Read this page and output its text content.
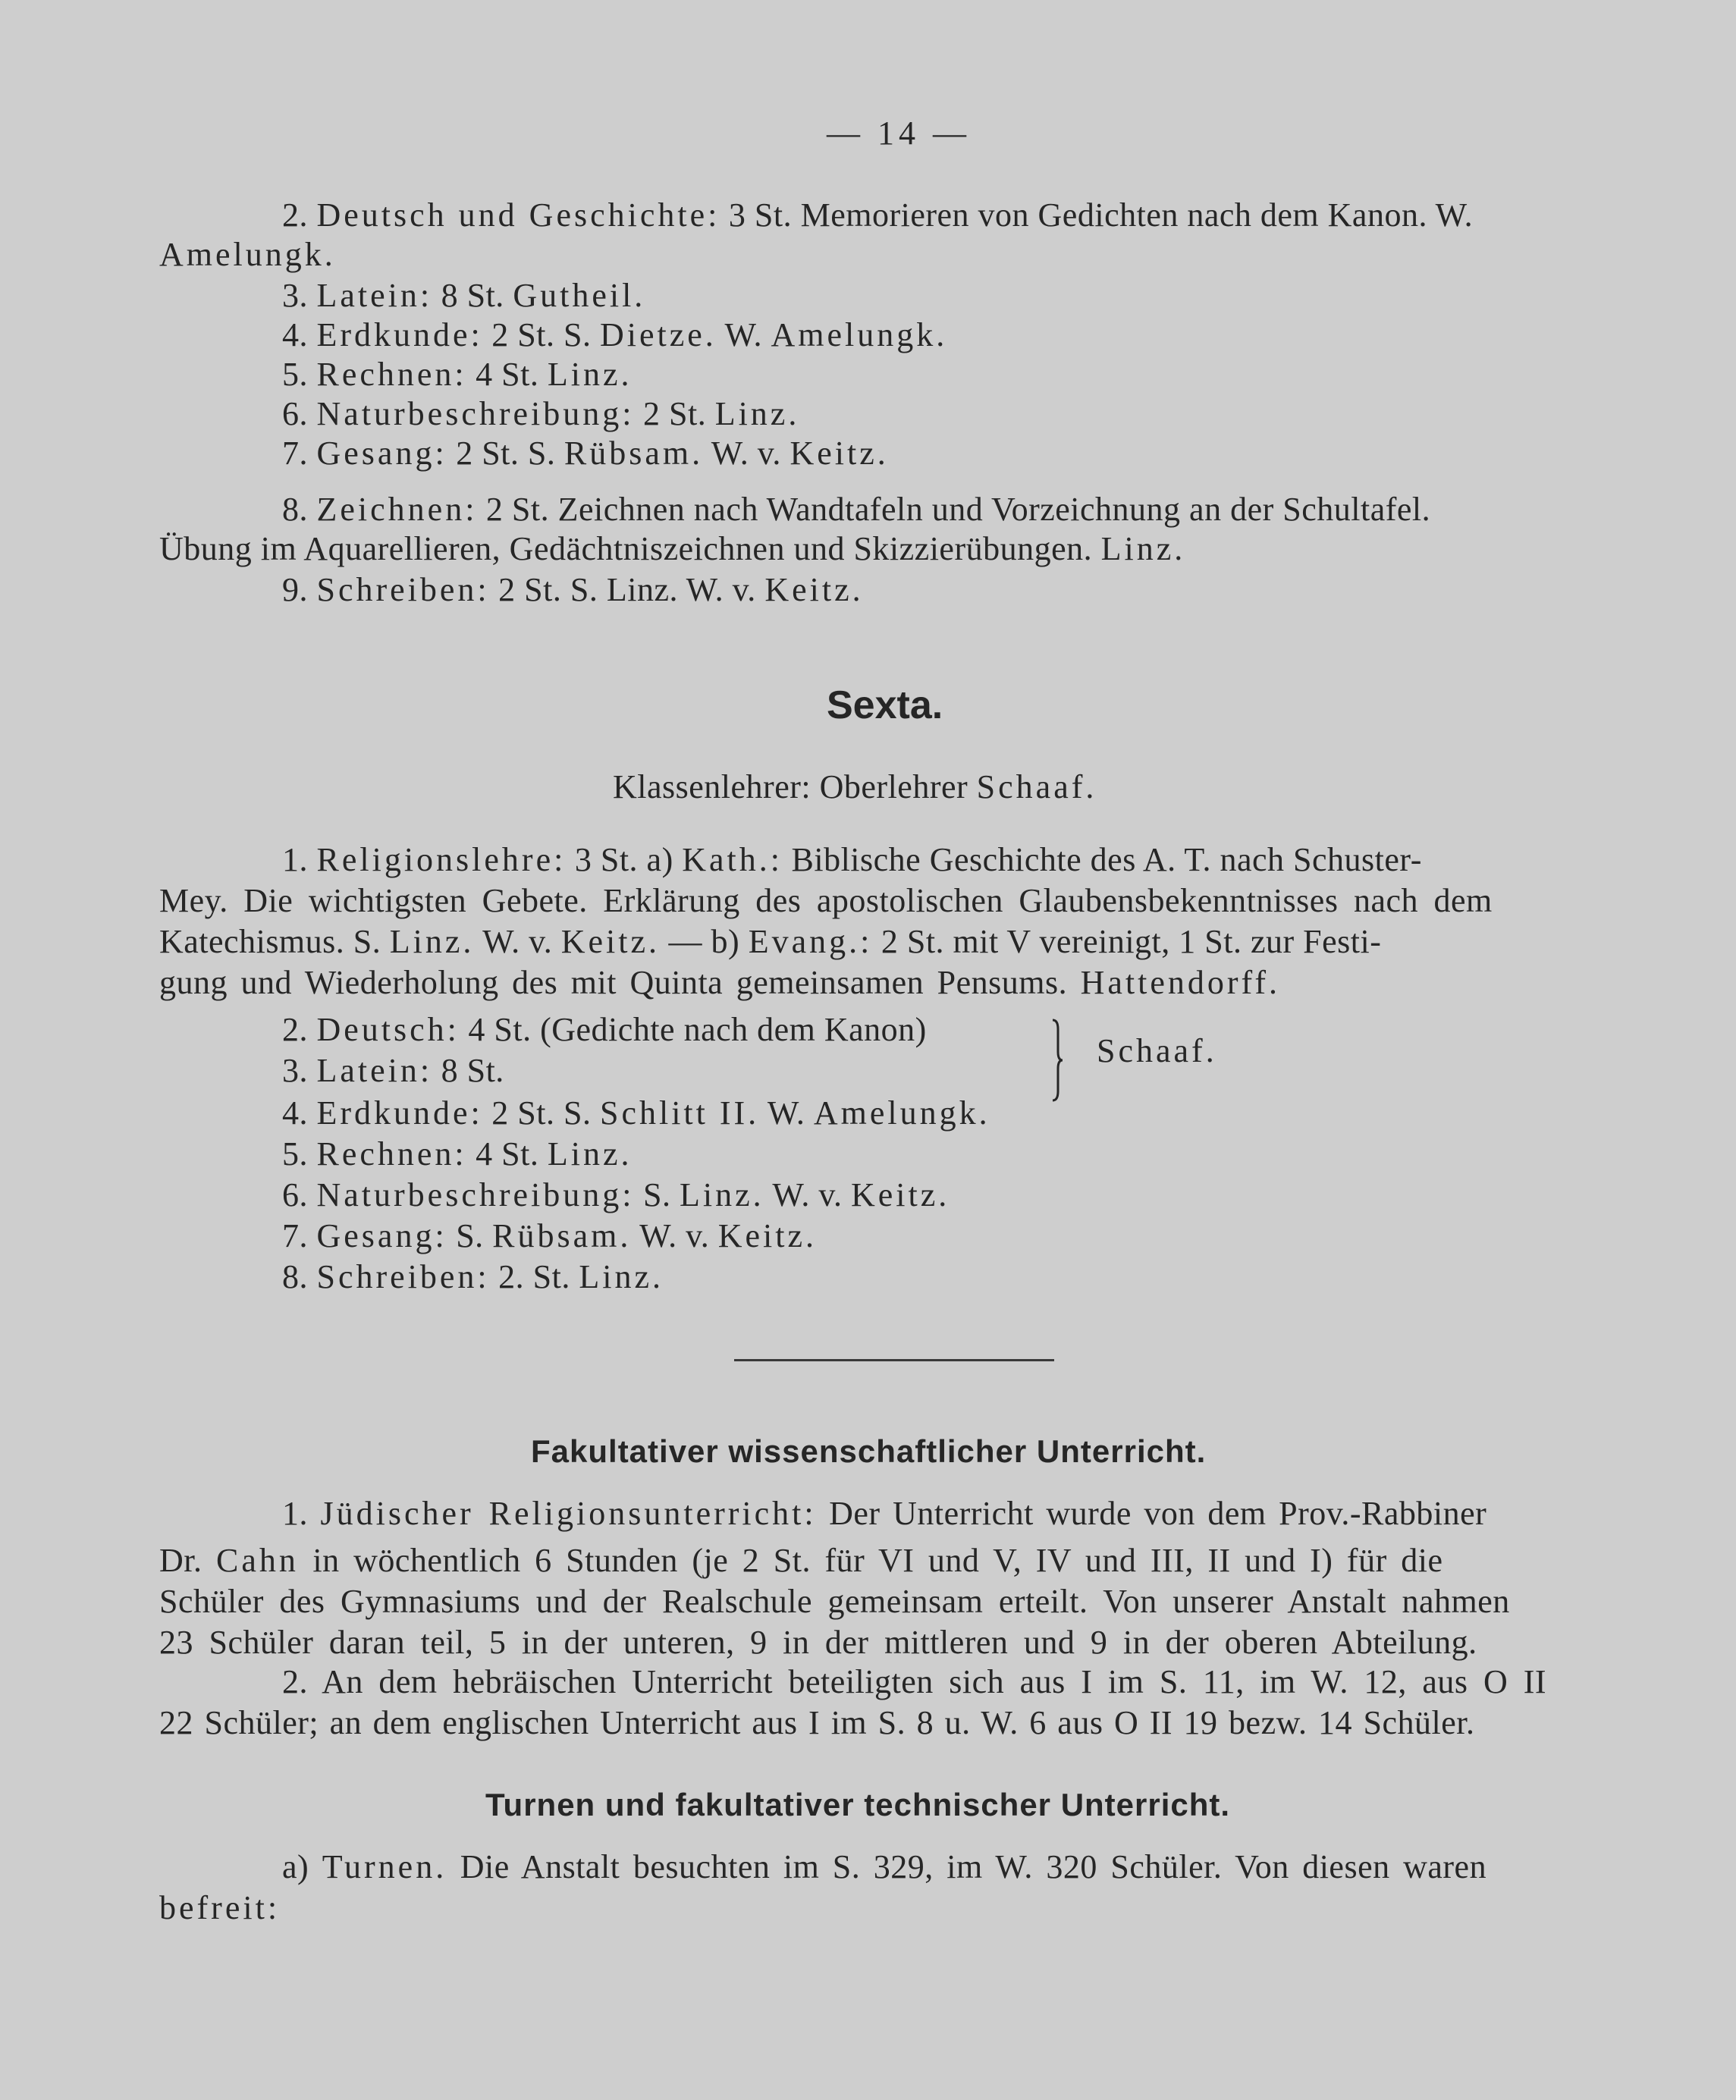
— 14 —
2. Deutsch und Geschichte: 3 St. Memorieren von Gedichten nach dem Kanon. W.
Amelungk.
3. Latein: 8 St. Gutheil.
4. Erdkunde: 2 St. S. Dietze. W. Amelungk.
5. Rechnen: 4 St. Linz.
6. Naturbeschreibung: 2 St. Linz.
7. Gesang: 2 St. S. Rübsam. W. v. Keitz.
8. Zeichnen: 2 St. Zeichnen nach Wandtafeln und Vorzeichnung an der Schultafel.
Übung im Aquarellieren, Gedächtniszeichnen und Skizzierübungen. Linz.
9. Schreiben: 2 St. S. Linz. W. v. Keitz.
Sexta.
Klassenlehrer: Oberlehrer Schaaf.
1. Religionslehre: 3 St. a) Kath.: Biblische Geschichte des A. T. nach Schuster-
Mey. Die wichtigsten Gebete. Erklärung des apostolischen Glaubensbekenntnisses nach dem
Katechismus. S. Linz. W. v. Keitz. — b) Evang.: 2 St. mit V vereinigt, 1 St. zur Festi-
gung und Wiederholung des mit Quinta gemeinsamen Pensums. Hattendorff.
2. Deutsch: 4 St. (Gedichte nach dem Kanon)
3. Latein: 8 St.
Schaaf.
4. Erdkunde: 2 St. S. Schlitt II. W. Amelungk.
5. Rechnen: 4 St. Linz.
6. Naturbeschreibung: S. Linz. W. v. Keitz.
7. Gesang: S. Rübsam. W. v. Keitz.
8. Schreiben: 2. St. Linz.
Fakultativer wissenschaftlicher Unterricht.
1. Jüdischer Religionsunterricht: Der Unterricht wurde von dem Prov.-Rabbiner
Dr. Cahn in wöchentlich 6 Stunden (je 2 St. für VI und V, IV und III, II und I) für die
Schüler des Gymnasiums und der Realschule gemeinsam erteilt. Von unserer Anstalt nahmen
23 Schüler daran teil, 5 in der unteren, 9 in der mittleren und 9 in der oberen Abteilung.
2. An dem hebräischen Unterricht beteiligten sich aus I im S. 11, im W. 12, aus O II
22 Schüler; an dem englischen Unterricht aus I im S. 8 u. W. 6 aus O II 19 bezw. 14 Schüler.
Turnen und fakultativer technischer Unterricht.
a) Turnen. Die Anstalt besuchten im S. 329, im W. 320 Schüler. Von diesen waren
befreit:
